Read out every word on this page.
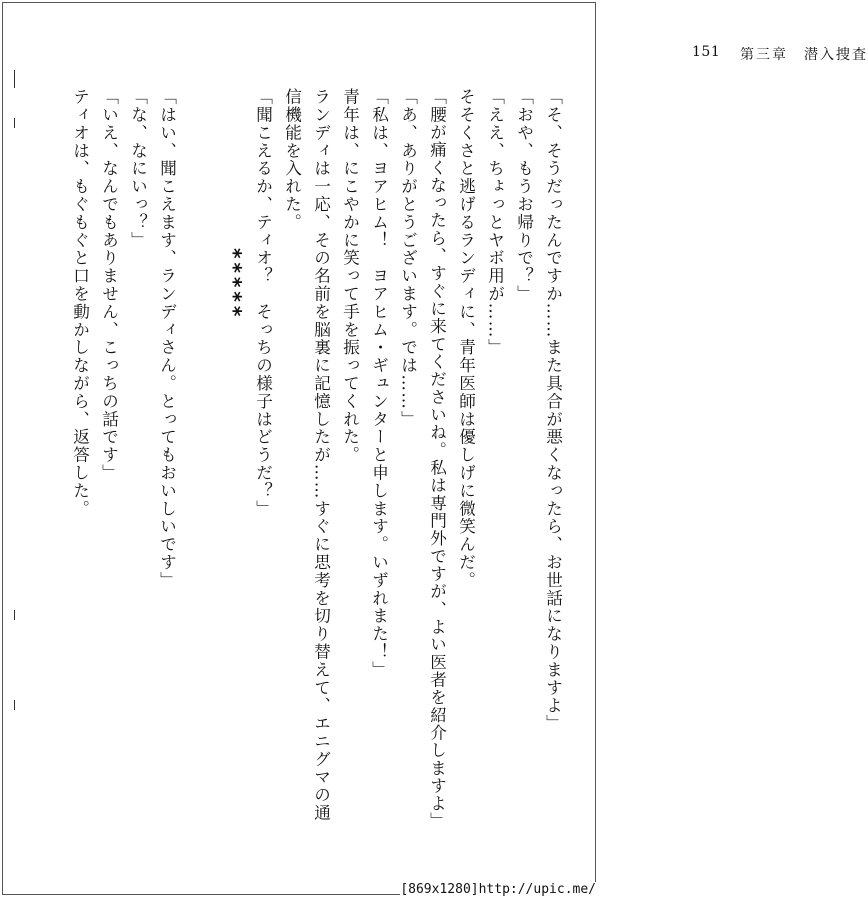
151 第三章　潜入捜査
「そ、そうだったんですか……また具合が悪くなったら、お世話になりますよ」
「おや、もうお帰りで？」
「ええ、ちょっとヤボ用が……」
そそくさと逃げるランディに、青年医師は優しげに微笑んだ。
「腰が痛くなったら、すぐに来てくださいね。私は専門外ですが、よい医者を紹介しますよ」
「あ、ありがとうございます。では……」
「私は、ヨアヒム！　ヨアヒム・ギュンターと申します。いずれまた！」
青年は、にこやかに笑って手を振ってくれた。
ランディは一応、その名前を脳裏に記憶したが……すぐに思考を切り替えて、エニグマの通
信機能を入れた。
「聞こえるか、ティオ？　そっちの様子はどうだ？」
*****
「はい、聞こえます、ランディさん。とってもおいしいです」
「な、なにいっ？」
「いえ、なんでもありません、こっちの話です」
ティオは、もぐもぐと口を動かしながら、返答した。
[869x1280]http://upic.me/
